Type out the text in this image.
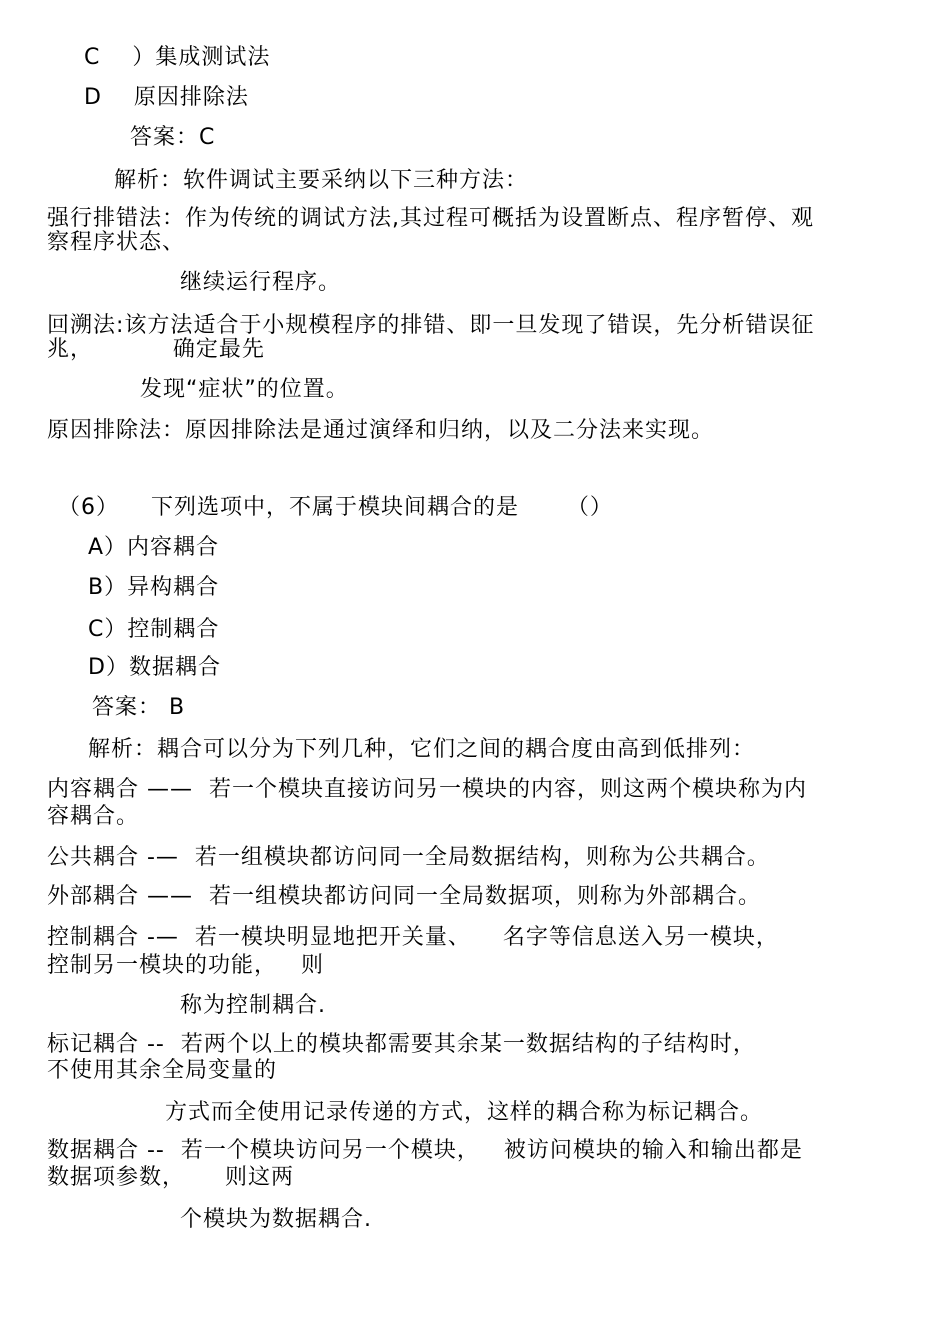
C    ）集成测试法
D    原因排除法
答案：C
解析：软件调试主要采纳以下三种方法：
强行排错法：作为传统的调试方法,其过程可概括为设置断点、程序暂停、观
察程序状态、
继续运行程序。
回溯法:该方法适合于小规模程序的排错、即一旦发现了错误，先分析错误征
兆，          确定最先
发现“症状”的位置。
原因排除法：原因排除法是通过演绎和归纳，以及二分法来实现。
（6）    下列选项中，不属于模块间耦合的是      （）
A）内容耦合
B）异构耦合
C）控制耦合
D）数据耦合
答案： B
解析：耦合可以分为下列几种，它们之间的耦合度由高到低排列：
内容耦合 ——  若一个模块直接访问另一模块的内容，则这两个模块称为内
容耦合。
公共耦合 -—  若一组模块都访问同一全局数据结构，则称为公共耦合。
外部耦合 ——  若一组模块都访问同一全局数据项，则称为外部耦合。
控制耦合 -—  若一模块明显地把开关量、    名字等信息送入另一模块，
控制另一模块的功能，   则
称为控制耦合.
标记耦合 --  若两个以上的模块都需要其余某一数据结构的子结构时，
不使用其余全局变量的
方式而全使用记录传递的方式，这样的耦合称为标记耦合。
数据耦合 --  若一个模块访问另一个模块，   被访问模块的输入和输出都是
数据项参数，     则这两
个模块为数据耦合.
